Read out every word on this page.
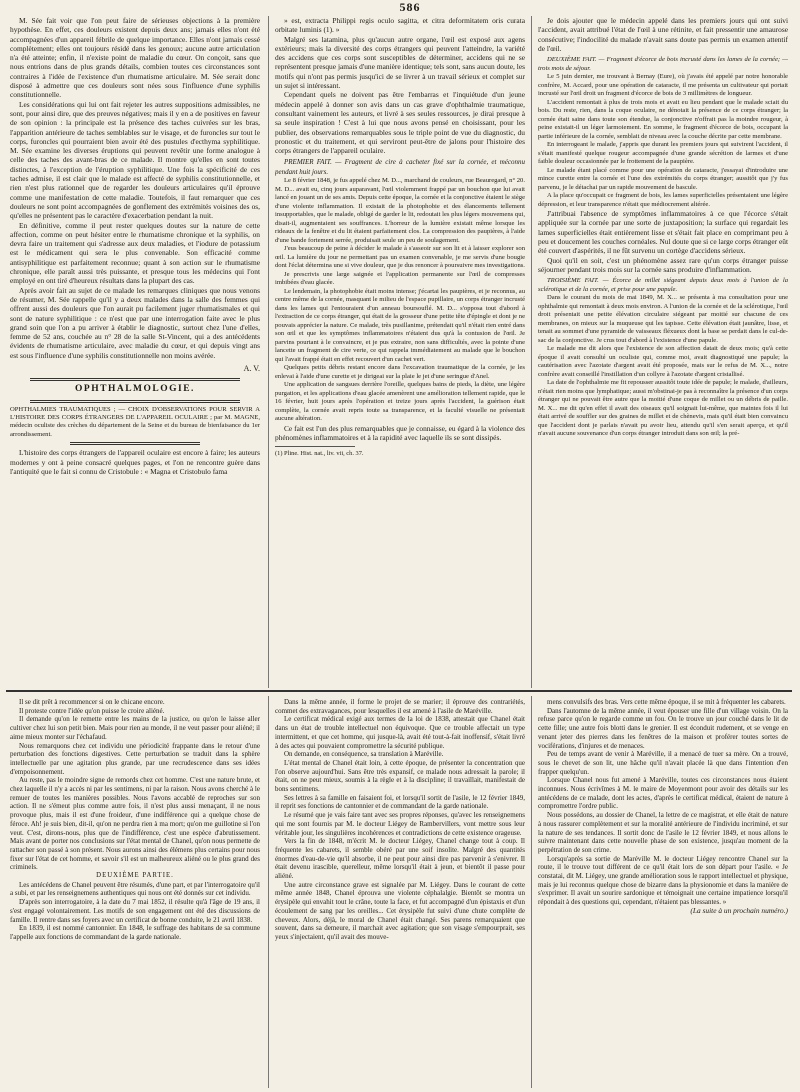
586

M. Sée fait voir que l'on peut faire de sérieuses objections à la première hypothèse. En effet, ces douleurs existent depuis deux ans; jamais elles n'ont été accompagnées d'un appareil fébrile de quelque importance. Elles n'ont jamais cessé complètement; elles ont toujours résidé dans les genoux; aucune autre articulation n'a été atteinte; enfin, il n'existe point de maladie du cœur. On conçoit, sans que nous entrions dans de plus grands détails, combien toutes ces circonstances sont contraires à l'idée de l'existence d'un rhumatisme articulaire. M. Sée serait donc disposé à admettre que ces douleurs sont nées sous l'influence d'une syphilis constitutionnelle.

Les considérations qui lui ont fait rejeter les autres suppositions admissibles, ne sont, pour ainsi dire, que des preuves négatives; mais il y en a de positives en faveur de son opinion : la principale est la présence des taches cuivrées sur les bras, l'apparition antérieure de taches semblables sur le visage, et de furoncles sur tout le corps, furoncles qui pourraient bien avoir été des pustules d'ecthyma syphilitique. M. Sée examine les diverses éruptions qui peuvent revêtir une forme analogue à celle des taches des avant-bras de ce malade. Il montre qu'elles en sont toutes distinctes, à l'exception de l'éruption syphilitique. Une fois la spécificité de ces taches admise, il est clair que le malade est affecté de syphilis constitutionnelle, et rien n'est plus rationnel que de regarder les douleurs articulaires qu'il éprouve comme une manifestation de cette maladie. Toutefois, il faut remarquer que ces douleurs ne sont point accompagnées de gonflement des extrémités voisines des os, qu'elles ne présentent pas le caractère d'exacerbation pendant la nuit.

En définitive, comme il peut rester quelques doutes sur la nature de cette affection, comme on peut hésiter entre le rhumatisme chronique et la syphilis, on devra faire un traitement qui s'adresse aux deux maladies, et l'iodure de potassium est le médicament qui sera le plus convenable. Son efficacité comme antisyphilitique est parfaitement reconnue; quant à son action sur le rhumatisme chronique, elle paraît aussi très puissante, et presque tous les médecins qui l'ont employé en ont tiré d'heureux résultats dans la plupart des cas.

Après avoir fait au sujet de ce malade les remarques cliniques que nous venons de résumer, M. Sée rappelle qu'il y a deux malades dans la salle des femmes qui offrent aussi des douleurs que l'on aurait pu facilement juger rhumatismales et qui sont de nature syphilitique : ce n'est que par une interrogation faite avec le plus grand soin que l'on a pu arriver à établir le diagnostic, surtout chez l'une d'elles, femme de 52 ans, couchée au n° 28 de la salle St-Vincent, qui a des antécédents évidents de rhumatisme articulaire, avec maladie du cœur, et qui depuis vingt ans est sous l'influence d'une syphilis constitutionnelle non moins avérée.

A. V.
OPHTHALMOLOGIE.

OPHTHALMIES TRAUMATIQUES ; — CHOIX D'OBSERVATIONS POUR SERVIR A L'HISTOIRE DES CORPS ÉTRANGERS DE L'APPAREIL OCULAIRE ; par M. MAGNE, médecin oculiste des crèches du département de la Seine et du bureau de bienfaisance du 1er arrondissement.

L'histoire des corps étrangers de l'appareil oculaire est encore à faire; les auteurs modernes y ont à peine consacré quelques pages, et l'on ne rencontre guère dans l'antiquité que le fait si connu de Cristobule : « Magna et Cristobulo fama

» est, extracta Philippi regis oculo sagitta, et citra deformitatem oris curata orbitate luminis (1). »

Malgré ses latamina, plus qu'aucun autre organe, l'œil est exposé aux agens extérieurs; mais la diversité des corps étrangers qui peuvent l'atteindre, la variété des accidens que ces corps sont susceptibles de déterminer, accidens qui ne se représentent presque jamais d'une manière identique; tels sont, sans aucun doute, les motifs qui n'ont pas permis jusqu'ici de se livrer à un travail sérieux et complet sur un sujet si intéressant.

Cependant quels ne doivent pas être l'embarras et l'inquiétude d'un jeune médecin appelé à donner son avis dans un cas grave d'ophthalmie traumatique, consultant vainement les auteurs, et livré à ses seules ressources, je dirai presque à sa seule inspiration ! C'est à lui que nous avons pensé en choisissant, pour les publier, des observations remarquables sous le triple point de vue du diagnostic, du pronostic et du traitement, et qui serviront peut-être de jalons pour l'histoire des corps étrangers de l'appareil oculaire.

PREMIER FAIT. — Fragment de cire à cacheter fixé sur la cornée, et méconnu pendant huit jours.

Le 8 février 1848, je fus appelé chez M. D..., marchand de couleurs, rue Beauregard, n° 20. M. D... avait eu, cinq jours auparavant, l'œil violemment frappé par un bouchon que lui avait lancé en jouant un de ses amis. Depuis cette époque, la cornée et la conjonctive étaient le siège d'une violente inflammation. Il existait de la photophobie et des élancements tellement insupportables, que le malade, obligé de garder le lit, redoutait les plus légers mouvemens qui, disait-il, augmentaient ses souffrances. L'horreur de la lumière existait même lorsque les rideaux de la fenêtre et du lit étaient parfaitement clos. La compression des paupières, à l'aide d'une bande fortement serrée, produisait seule un peu de soulagement.

J'eus beaucoup de peine à décider le malade à s'asseoir sur son lit et à laisser explorer son œil. La lumière du jour ne permettant pas un examen convenable, je me servis d'une bougie dont l'éclat détermina une si vive douleur, que je dus renoncer à poursuivre mes investigations.

Je prescrivis une large saignée et l'application permanente sur l'œil de compresses imbibées d'eau glacée.

Le lendemain, la photophobie était moins intense; j'écartai les paupières, et je reconnus, au centre même de la cornée, masquant le milieu de l'espace pupillaire, un corps étranger incrusté dans les lames qui l'entouraient d'un anneau boursouflé. M. D... s'opposa tout d'abord à l'extraction de ce corps étranger, qui était de la grosseur d'une petite tête d'épingle et dont je ne pouvais apprécier la nature. Ce malade, très pusillanime, prétendait qu'il n'était rien entré dans son œil et que les symptômes inflammatoires n'étaient dus qu'à la contusion de l'œil. Je parvins pourtant à le convaincre, et je pus extraire, non sans difficultés, avec la pointe d'une lancette un fragment de cire verte, ce qui rappela immédiatement au malade que le bouchon qui l'avait frappé était en effet recouvert d'un cachet vert.

Quelques petits débris restant encore dans l'excavation traumatique de la cornée, je les enlevai à l'aide d'une curette et je dirigeai sur la plaie le jet d'une seringue d'Anel.

Une application de sangsues derrière l'oreille, quelques bains de pieds, la diète, une légère purgation, et les applications d'eau glacée amenèrent une amélioration tellement rapide, que le 16 février, huit jours après l'opération et treize jours après l'accident, la guérison était complète, la cornée avait repris toute sa transparence, et la faculté visuelle ne présentait aucune altération.

Ce fait est l'un des plus remarquables que je connaisse, eu égard à la violence des phénomènes inflammatoires et à la rapidité avec laquelle ils se sont dissipés.

(1) Pline. Hist. nat., liv. vii, ch. 37.

Je dois ajouter que le médecin appelé dans les premiers jours qui ont suivi l'accident, avait attribué l'état de l'œil à une rétinite, et fait pressentir une amaurose consécutive; l'indocilité du malade n'avait sans doute pas permis un examen attentif de l'œil.

DEUXIÈME FAIT. — Fragment d'écorce de bois incrusté dans les lames de la cornée; — trois mois de séjour.

Le 5 juin dernier, me trouvant à Bernay (Eure), où j'avais été appelé par notre honorable confrère, M. Accard, pour une opération de cataracte, il me présenta un cultivateur qui portait incrusté sur l'œil droit un fragment d'écorce de bois de 3 millimètres de longueur.

L'accident remontait à plus de trois mois et avait eu lieu pendant que le malade sciait du bois. Du reste, rien, dans la coque oculaire, ne dénotait la présence de ce corps étranger; la cornée était saine dans toute son étendue, la conjonctive n'offrait pas la moindre rougeur, à peine existait-il un léger larmoiement. En somme, le fragment d'écorce de bois, occupant la partie inférieure de la cornée, semblait de niveau avec la couche décrite par cette membrane.

En interrogeant le malade, j'appris que durant les premiers jours qui suivirent l'accident, il s'était manifesté quelque rougeur accompagnée d'une grande sécrétion de larmes et d'une faible douleur occasionnée par le frottement de la paupière.

Le malade étant placé comme pour une opération de cataracte, j'essayai d'introduire une mince curette entre la cornée et l'une des extrémités du corps étranger; aussitôt que j'y fus parvenu, je le détachai par un rapide mouvement de bascule.

A la place qu'occupait ce fragment de bois, les lames superficielles présentaient une légère dépression, et leur transparence n'était que médiocrement altérée.

J'attribuai l'absence de symptômes inflammatoires à ce que l'écorce s'était appliquée sur la cornée par une sorte de juxtaposition; la surface qui regardait les lames superficielles était entièrement lisse et s'était fait place en comprimant peu à peu et doucement les couches cornéales. Nul doute que si ce large corps étranger eût été couvert d'aspérités, il ne fût survenu un cortège d'accidens sérieux.

Quoi qu'il en soit, c'est un phénomène assez rare qu'un corps étranger puisse séjourner pendant trois mois sur la cornée sans produire d'inflammation.

TROISIÈME FAIT. — Écorce de millet siégeant depuis deux mois à l'union de la sclérotique et de la cornée, et prise pour une papule.

Dans le courant du mois de mai 1849, M. X... se présenta à ma consultation pour une ophthalmie qui remontait à deux mois environ. A l'union de la cornée et de la sclérotique, l'œil droit présentait une petite élévation circulaire siégeant par moitié sur chacune de ces membranes, on mieux sur la muqueuse qui les tapisse. Cette élévation était jaunâtre, lisse, et tenait au sommet d'une pyramide de vaisseaux fléxueux dont la base se perdait dans le cul-de-sac de la conjonctive. Je crus tout d'abord à l'existence d'une papule.

Le malade me dit alors que l'existence de son affection datait de deux mois; qu'à cette époque il avait consulté un oculiste qui, comme moi, avait diagnostiqué une papule; la cautérisation avec l'azotate d'argent avait été proposée, mais sur le refus de M. X..., notre confrère avait conseillé l'instillation d'un collyre à l'azotate d'argent cristallisé.

La date de l'ophthalmie me fit repousser aussitôt toute idée de papule; le malade, d'ailleurs, n'était rien moins que lymphatique; aussi m'obstinai-je pas à reconnaître la présence d'un corps étranger qui ne pouvait être autre que la moitié d'une coque de millet ou un débris de paille. M. X... me dit qu'en effet il avait des oiseaux qu'il soignait lui-même, que maintes fois il lui était arrivé de souffler sur des graines de millet et de chènevis, mais qu'il était bien convaincu que l'accident dont je parlais n'avait pu avoir lieu, attendu qu'il s'en serait aperçu, et qu'il n'avait aucune souvenance d'un corps étranger introduit dans son œil; la pré-

Il se dit prêt à recommencer si on le chicane encore.

Il proteste contre l'idée qu'on puisse le croire aliéné.

Il demande qu'on le remette entre les mains de la justice, ou qu'on le laisse aller cultiver chez lui son petit bien. Mais pour rien au monde, il ne veut passer pour aliéné; il aime mieux monter sur l'échafaud.

Nous remarquons chez cet individu une périodicité frappante dans le retour d'une perturbation des fonctions digestives. Cette perturbation se traduit dans la sphère intellectuelle par une agitation plus grande, par une recrudescence dans ses idées d'empoisonnement.

Au reste, pas le moindre signe de remords chez cet homme. C'est une nature brute, et chez laquelle il n'y a accès ni par les sentimens, ni par la raison. Nous avons cherché à le remuer de toutes les manières possibles. Nous l'avons accablé de reproches sur son action. Il ne s'émeut plus comme autre fois, il n'est plus aussi menaçant, il ne nous provoque plus, mais il est d'une froideur, d'une indifférence qui a quelque chose de féroce. Ah! je suis bien, dit-il, qu'on ne perdra rien à ma mort; qu'on me guillotine si l'on veut. C'est, dirons-nous, plus que de l'indifférence, c'est une espèce d'abrutissement. Mais avant de porter nos conclusions sur l'état mental de Chanel, qu'on nous permette de rattacher son passé à son présent. Nous aurons ainsi des élémens plus certains pour nous fixer sur l'état de cet homme, et savoir s'il est un malheureux aliéné ou le plus grand des criminels.

DEUXIÈME PARTIE.

Les antécédens de Chanel peuvent être résumés, d'une part, et par l'interrogatoire qu'il a subi, et par les renseignemens authentiques qui nous ont été donnés sur cet individu.

D'après son interrogatoire, à la date du 7 mai 1852, il résulte qu'à l'âge de 19 ans, il s'est engagé volontairement. Les motifs de son engagement ont été des discussions de famille. Il rentre dans ses foyers avec un certificat de bonne conduite, le 21 avril 1838.

En 1839, il est nommé cantonnier. En 1848, le suffrage des habitans de sa commune l'appelle aux fonctions de commandant de la garde nationale.

Dans la même année, il forme le projet de se marier; il éprouve des contrariétés, commet des extravagances, pour lesquelles il est amené à l'asile de Maréville.

Le certificat médical exigé aux termes de la loi de 1838, attestait que Chanel était dans un état de trouble intellectuel non équivoque. Que ce trouble affectait un type intermittent, et que cet homme, qui jusque-là, avait été tout-à-fait inoffensif, s'était livré à des actes qui pouvaient compromettre la sécurité publique.

On demande, en conséquence, sa translation à Maréville.

L'état mental de Chanel était loin, à cette époque, de présenter la concentration que l'on observe aujourd'hui. Sans être très expansif, ce malade nous adressait la parole; il était, on ne peut mieux, soumis à la règle et à la discipline; il travaillait, manifestait de bons sentimens.

Ses lettres à sa famille en faisaient foi, et lorsqu'il sortit de l'asile, le 12 février 1849, il reprit ses fonctions de cantonnier et de commandant de la garde nationale.

Le résumé que je vais faire tant avec ses propres réponses, qu'avec les renseignemens qui me sont fournis par M. le docteur Liégey de Rambervillers, vont mettre sous leur véritable jour, les singulières incohérences et contradictions de cette existence orageuse.

Vers la fin de 1848, m'écrit M. le docteur Liégey, Chanel change tout à coup. Il fréquente les cabarets, il semble obéré par une soif insolite. Malgré des quantités énormes d'eau-de-vie qu'il absorbe, il ne peut pour ainsi dire pas parvenir à s'enivrer. Il était devenu irascible, querelleur, même lorsqu'il était à jeun, et bientôt il passe pour aliéné.

Une autre circonstance grave est signalée par M. Liégey. Dans le courant de cette même année 1848, Chanel éprouva une violente céphalalgie. Bientôt se montra un érysipèle qui envahit tout le crâne, toute la face, et fut accompagné d'un épistaxis et d'un écoulement de sang par les oreilles... Cet érysipèle fut suivi d'une chute complète de cheveux. Alors, déjà, le moral de Chanel était changé. Ses parens remarquaient que souvent, dans sa demeure, il marchait avec agitation; que son visage s'empourprait, ses yeux s'injectaient, qu'il avait des mouve-

mens convulsifs des bras. Vers cette même époque, il se mit à fréquenter les cabarets.

Dans l'automne de la même année, il veut épouser une fille d'un village voisin. On la refuse parce qu'on le regarde comme un fou. On le trouve un jour couché dans le lit de cette fille; une autre fois blotti dans le grenier. Il est éconduit rudement, et se venge en venant jeter des pierres dans les fenêtres de la maison et proférer toutes sortes de vociférations, d'injures et de menaces.

Peu de temps avant de venir à Maréville, il a menacé de tuer sa mère. On a trouvé, sous le chevet de son lit, une hâche qu'il n'avait placée là que dans l'intention d'en frapper quelqu'un.

Lorsque Chanel nous fut amené à Maréville, toutes ces circonstances nous étaient inconnues. Nous écrivîmes à M. le maire de Moyenmont pour avoir des détails sur les antécédens de ce malade, dont les actes, d'après le certificat médical, étaient de nature à compromettre l'ordre public.

Nous possédons, au dossier de Chanel, la lettre de ce magistrat, et elle était de nature à nous rassurer complètement et sur la moralité antérieure de l'individu incriminé, et sur la nature de ses tendances. Il sortit donc de l'asile le 12 février 1849, et nous allons le suivre maintenant dans cette nouvelle phase de son existence, jusqu'au moment de la perpétration de son crime.

Lorsqu'après sa sortie de Maréville M. le docteur Liégey rencontre Chanel sur la route, il le trouve tout différent de ce qu'il était lors de son départ pour l'asile. « Je constatai, dit M. Liégey, une grande amélioration sous le rapport intellectuel et physique, mais je lui reconnus quelque chose de bizarre dans la physionomie et dans la manière de s'exprimer. Il avait un sourire sardonique et témoignait une certaine impatience lorsqu'il répondait à des questions qui, cependant, n'étaient pas blessantes. »

(La suite à un prochain numéro.)
